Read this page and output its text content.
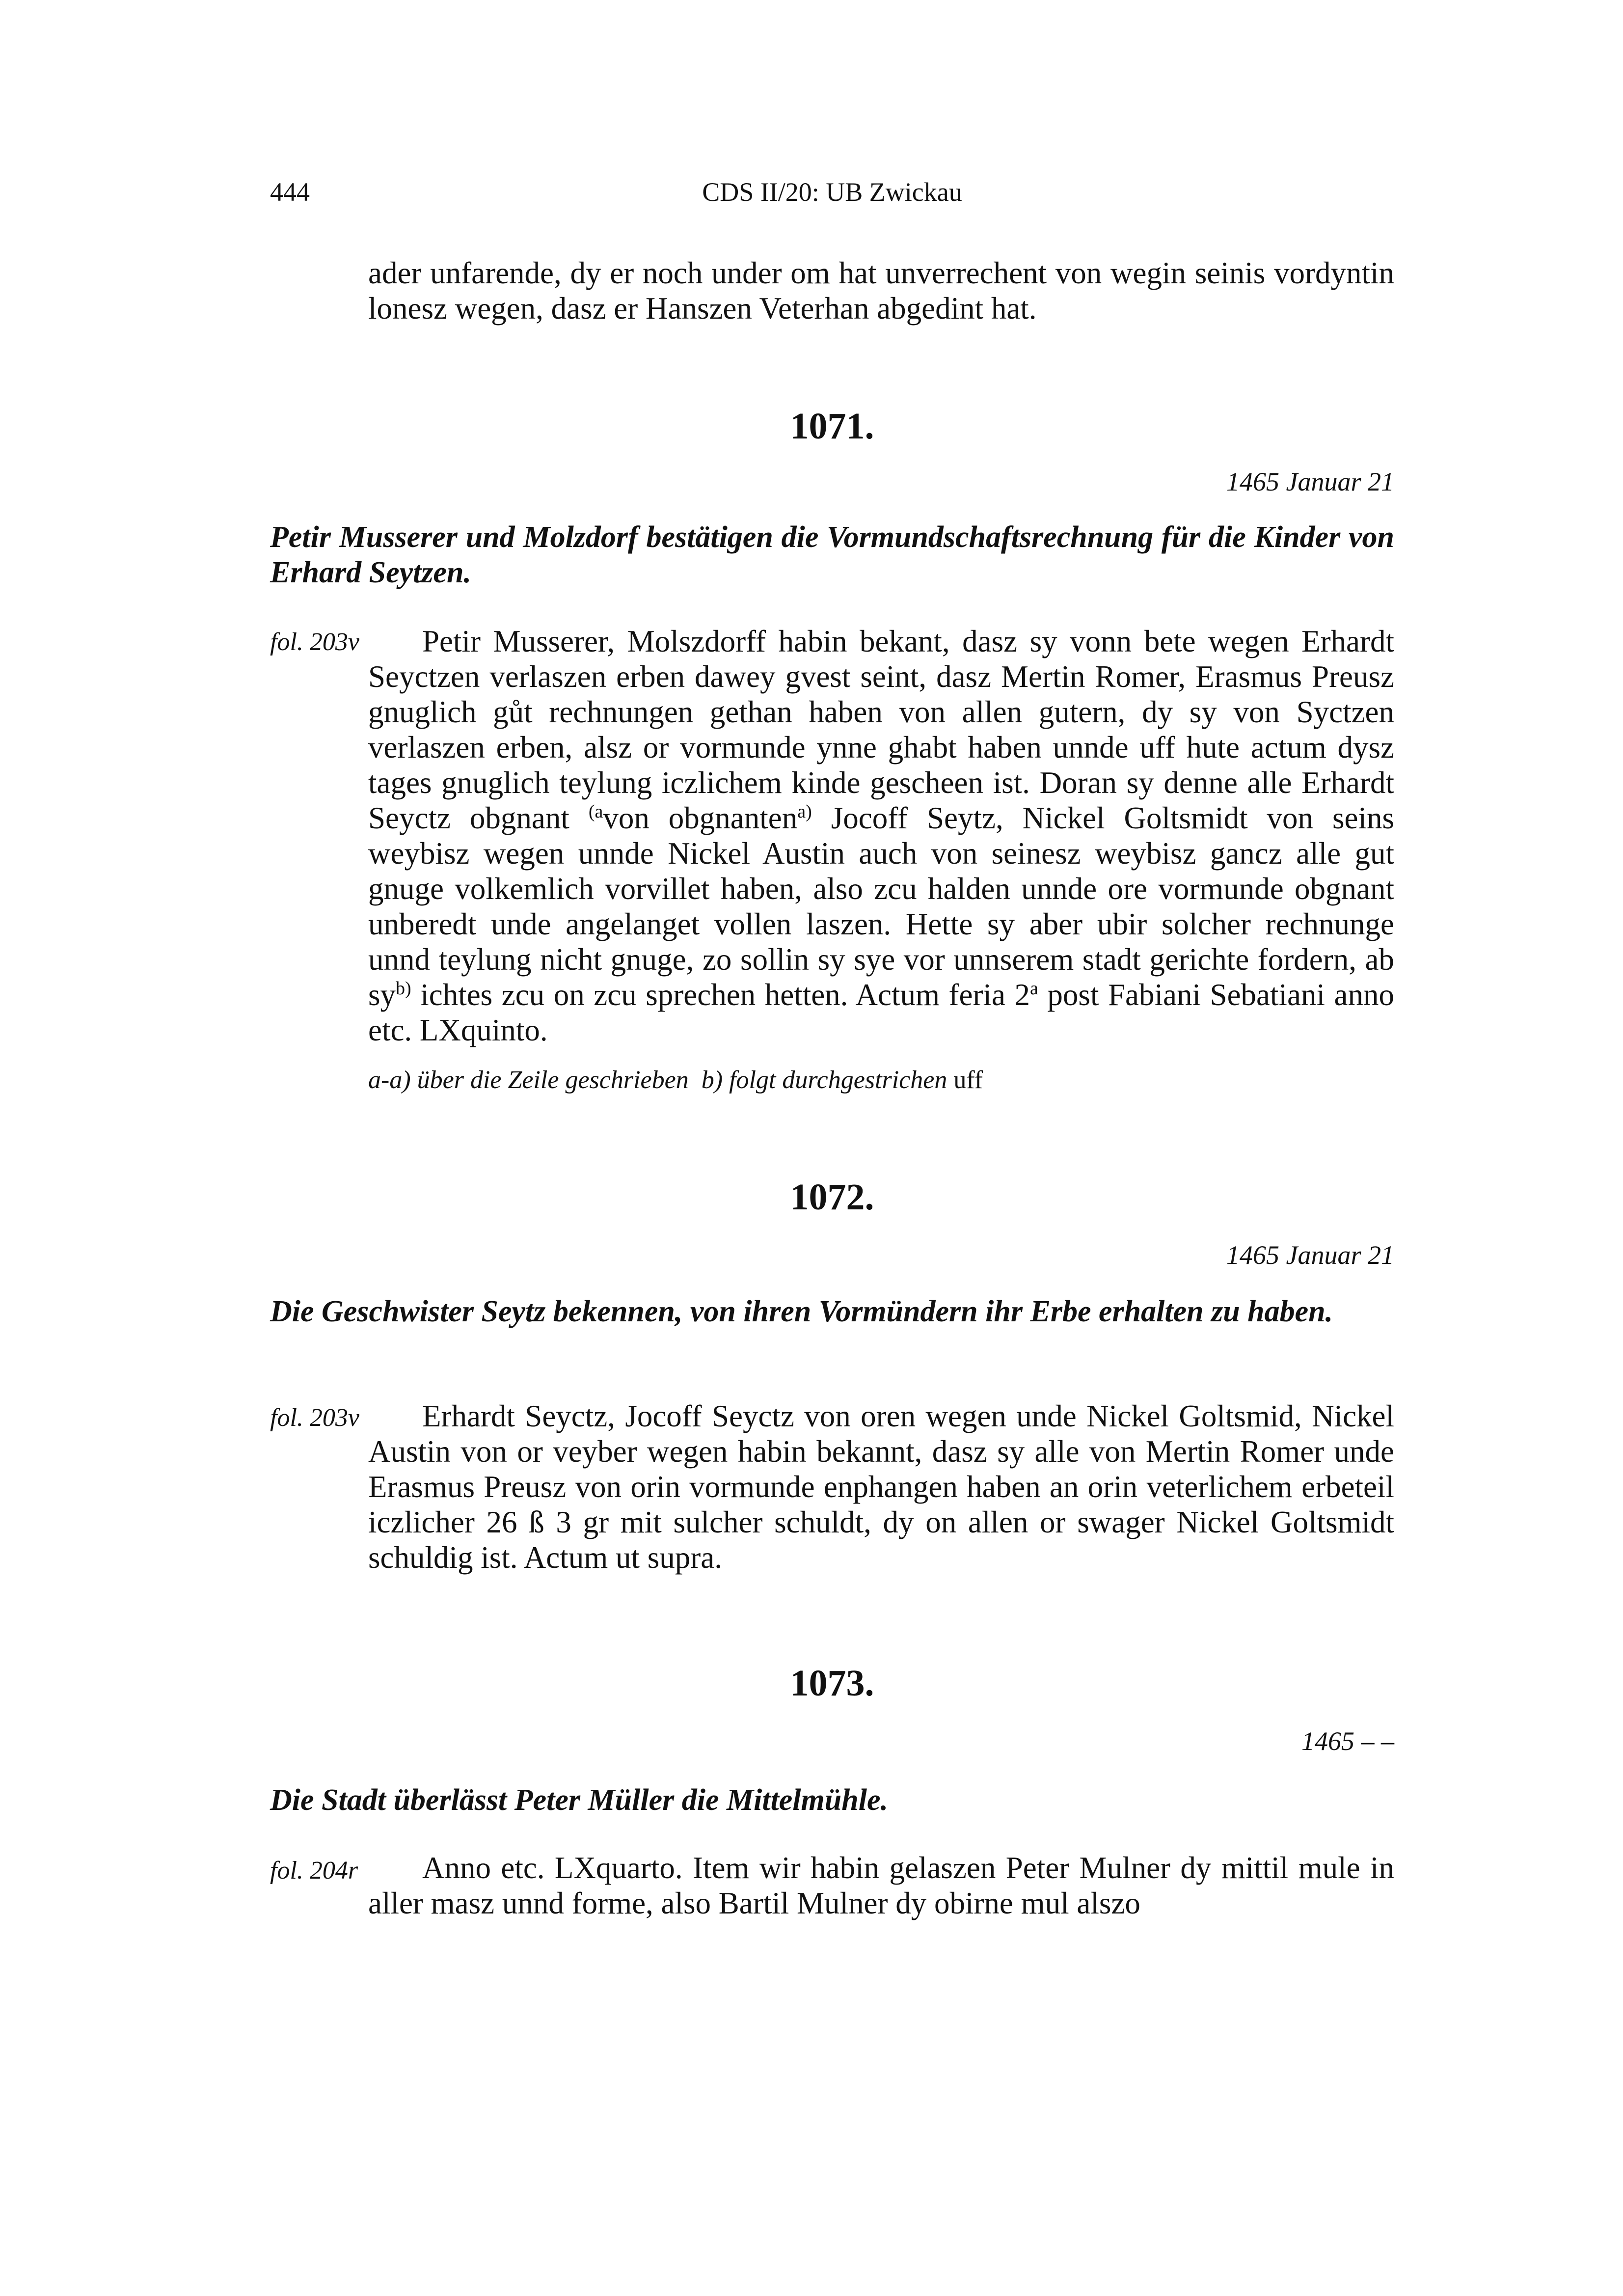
444	CDS II/20: UB Zwickau
ader unfarende, dy er noch under om hat unverrechent von wegin seinis vordyntin lonesz wegen, dasz er Hanszen Veterhan abgedint hat.
1071.
1465 Januar 21
Petir Musserer und Molzdorf bestätigen die Vormundschaftsrechnung für die Kinder von Erhard Seytzen.
fol. 203v	Petir Musserer, Molszdorff habin bekant, dasz sy vonn bete wegen Erhardt Seyctzen verlaszen erben dawey gvest seint, dasz Mertin Romer, Erasmus Preusz gnuglich gůt rechnungen gethan haben von allen gutern, dy sy von Syctzen verlaszen erben, alsz or vormunde ynne ghabt haben unnde uff hute actum dysz tages gnuglich teylung iczlichem kinde gescheen ist. Doran sy denne alle Erhardt Seyctz obgnant $^{(a}$von obgnanten$^{a)}$ Jocoff Seytz, Nickel Goltsmidt von seins weybisz wegen unnde Nickel Austin auch von seinesz weybisz gancz alle gut gnuge volkemlich vorvillet haben, also zcu halden unnde ore vormunde obgnant unberedt unde angelanget vollen laszen. Hette sy aber ubir solcher rechnunge unnd teylung nicht gnuge, zo sollin sy sye vor unnserem stadt gerichte fordern, ab $sy^{b)}$ ichtes zcu on zcu sprechen hetten. Actum feria 2$^a$ post Fabiani Sebatiani anno etc. LXquinto.
a-a) über die Zeile geschrieben b) folgt durchgestrichen uff
1072.
1465 Januar 21
Die Geschwister Seytz bekennen, von ihren Vormündern ihr Erbe erhalten zu haben.
fol. 203v	Erhardt Seyctz, Jocoff Seyctz von oren wegen unde Nickel Goltsmid, Nickel Austin von or veyber wegen habin bekannt, dasz sy alle von Mertin Romer unde Erasmus Preusz von orin vormunde enphangen haben an orin veterlichem erbeteil iczlicher 26 ß 3 gr mit sulcher schuldt, dy on allen or swager Nickel Goltsmidt schuldig ist. Actum ut supra.
1073.
1465 – –
Die Stadt überlässt Peter Müller die Mittelmühle.
fol. 204r	Anno etc. LXquarto. Item wir habin gelaszen Peter Mulner dy mittil mule in aller masz unnd forme, also Bartil Mulner dy obirne mul alszo
